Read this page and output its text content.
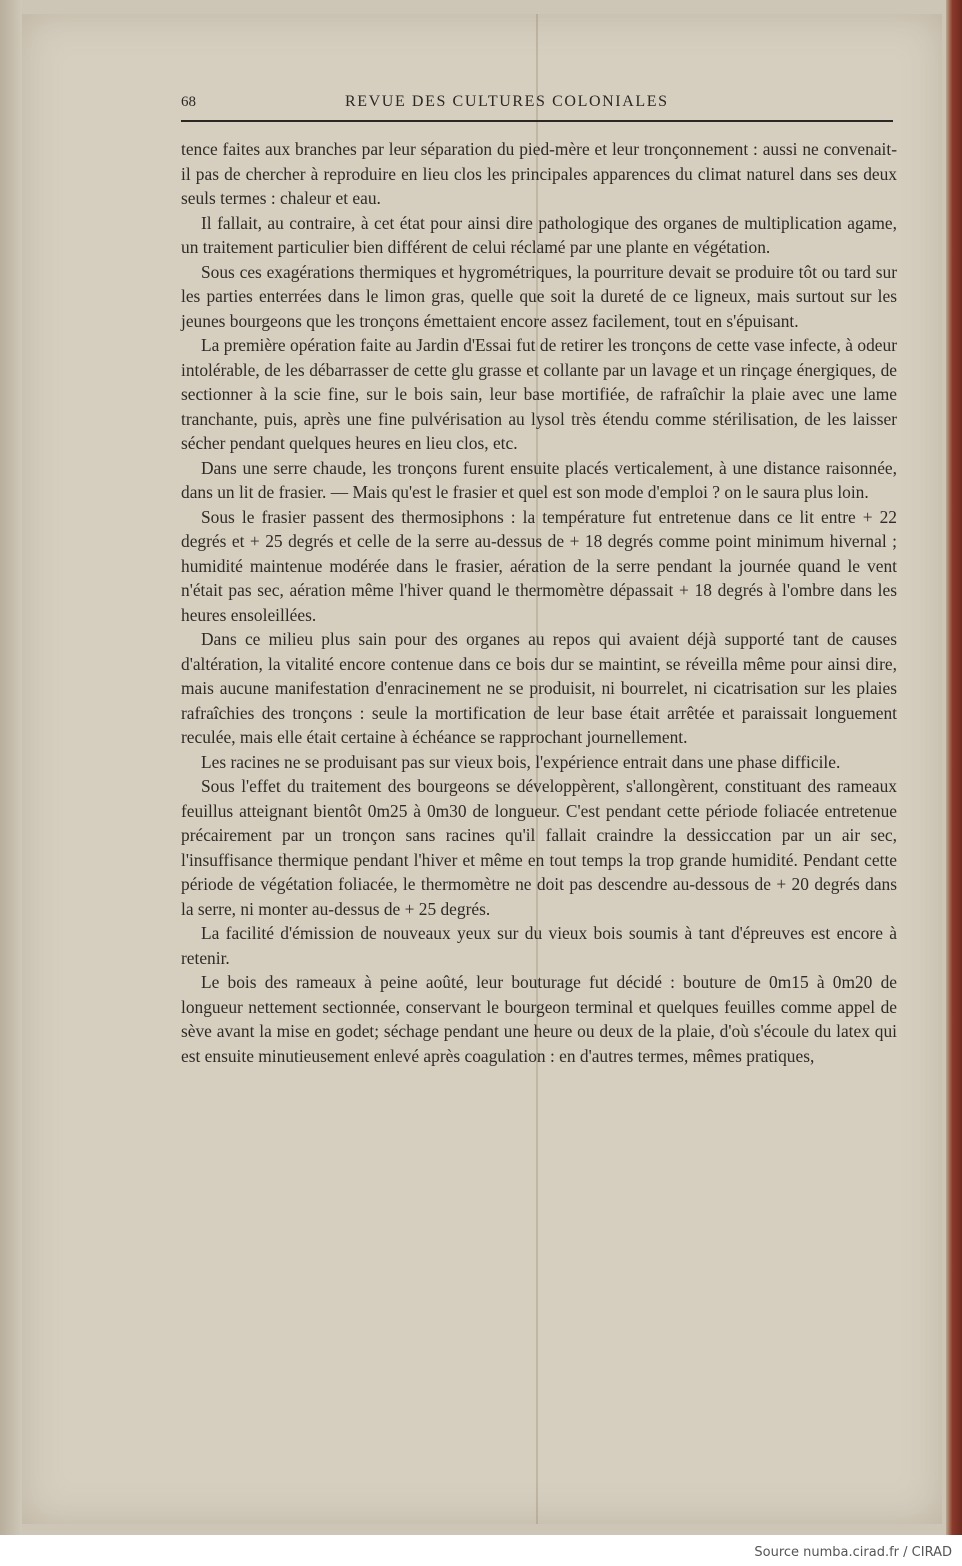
68	REVUE DES CULTURES COLONIALES

tence faites aux branches par leur séparation du pied-mère et leur tronçonnement : aussi ne convenait-il pas de chercher à reproduire en lieu clos les principales apparences du climat naturel dans ses deux seuls termes : chaleur et eau.

Il fallait, au contraire, à cet état pour ainsi dire pathologique des organes de multiplication agame, un traitement particulier bien différent de celui réclamé par une plante en végétation.

Sous ces exagérations thermiques et hygrométriques, la pourriture devait se produire tôt ou tard sur les parties enterrées dans le limon gras, quelle que soit la dureté de ce ligneux, mais surtout sur les jeunes bourgeons que les tronçons émettaient encore assez facilement, tout en s'épuisant.

La première opération faite au Jardin d'Essai fut de retirer les tronçons de cette vase infecte, à odeur intolérable, de les débarrasser de cette glu grasse et collante par un lavage et un rinçage énergiques, de sectionner à la scie fine, sur le bois sain, leur base mortifiée, de rafraîchir la plaie avec une lame tranchante, puis, après une fine pulvérisation au lysol très étendu comme stérilisation, de les laisser sécher pendant quelques heures en lieu clos, etc.

Dans une serre chaude, les tronçons furent ensuite placés verticalement, à une distance raisonnée, dans un lit de frasier. — Mais qu'est le frasier et quel est son mode d'emploi ? on le saura plus loin.

Sous le frasier passent des thermosiphons : la température fut entretenue dans ce lit entre + 22 degrés et + 25 degrés et celle de la serre au-dessus de + 18 degrés comme point minimum hivernal ; humidité maintenue modérée dans le frasier, aération de la serre pendant la journée quand le vent n'était pas sec, aération même l'hiver quand le thermomètre dépassait + 18 degrés à l'ombre dans les heures ensoleillées.

Dans ce milieu plus sain pour des organes au repos qui avaient déjà supporté tant de causes d'altération, la vitalité encore contenue dans ce bois dur se maintint, se réveilla même pour ainsi dire, mais aucune manifestation d'enracinement ne se produisit, ni bourrelet, ni cicatrisation sur les plaies rafraîchies des tronçons : seule la mortification de leur base était arrêtée et paraissait longuement reculée, mais elle était certaine à échéance se rapprochant journellement.

Les racines ne se produisant pas sur vieux bois, l'expérience entrait dans une phase difficile.

Sous l'effet du traitement des bourgeons se développèrent, s'allongèrent, constituant des rameaux feuillus atteignant bientôt 0m25 à 0m30 de longueur. C'est pendant cette période foliacée entretenue précairement par un tronçon sans racines qu'il fallait craindre la dessiccation par un air sec, l'insuffisance thermique pendant l'hiver et même en tout temps la trop grande humidité. Pendant cette période de végétation foliacée, le thermomètre ne doit pas descendre au-dessous de + 20 degrés dans la serre, ni monter au-dessus de + 25 degrés.

La facilité d'émission de nouveaux yeux sur du vieux bois soumis à tant d'épreuves est encore à retenir.

Le bois des rameaux à peine aoûté, leur bouturage fut décidé : bouture de 0m15 à 0m20 de longueur nettement sectionnée, conservant le bourgeon terminal et quelques feuilles comme appel de sève avant la mise en godet; séchage pendant une heure ou deux de la plaie, d'où s'écoule du latex qui est ensuite minutieusement enlevé après coagulation : en d'autres termes, mêmes pratiques,

Source numba.cirad.fr / CIRAD
